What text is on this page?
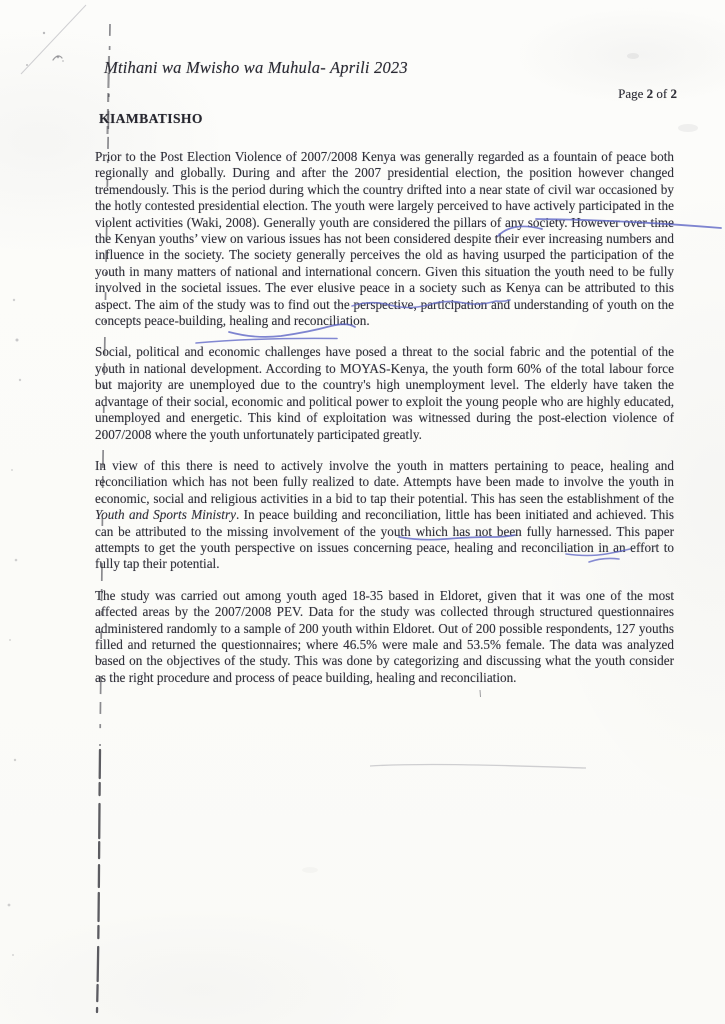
Mtihani wa Mwisho wa Muhula- Aprili 2023
Page 2 of 2
KIAMBATISHO

Prior to the Post Election Violence of 2007/2008 Kenya was generally regarded as a fountain of peace both regionally and globally. During and after the 2007 presidential election, the position however changed tremendously. This is the period during which the country drifted into a near state of civil war occasioned by the hotly contested presidential election. The youth were largely perceived to have actively participated in the violent activities (Waki, 2008). Generally youth are considered the pillars of any society. However over time the Kenyan youths’ view on various issues has not been considered despite their ever increasing numbers and influence in the society. The society generally perceives the old as having usurped the participation of the youth in many matters of national and international concern. Given this situation the youth need to be fully involved in the societal issues. The ever elusive peace in a society such as Kenya can be attributed to this aspect. The aim of the study was to find out the perspective, participation and understanding of youth on the concepts peace-building, healing and reconciliation.

Social, political and economic challenges have posed a threat to the social fabric and the potential of the youth in national development. According to MOYAS-Kenya, the youth form 60% of the total labour force but majority are unemployed due to the country's high unemployment level. The elderly have taken the advantage of their social, economic and political power to exploit the young people who are highly educated, unemployed and energetic. This kind of exploitation was witnessed during the post-election violence of 2007/2008 where the youth unfortunately participated greatly.

In view of this there is need to actively involve the youth in matters pertaining to peace, healing and reconciliation which has not been fully realized to date. Attempts have been made to involve the youth in economic, social and religious activities in a bid to tap their potential. This has seen the establishment of the Youth and Sports Ministry. In peace building and reconciliation, little has been initiated and achieved. This can be attributed to the missing involvement of the youth which has not been fully harnessed. This paper attempts to get the youth perspective on issues concerning peace, healing and reconciliation in an effort to fully tap their potential.

The study was carried out among youth aged 18-35 based in Eldoret, given that it was one of the most affected areas by the 2007/2008 PEV. Data for the study was collected through structured questionnaires administered randomly to a sample of 200 youth within Eldoret. Out of 200 possible respondents, 127 youths filled and returned the questionnaires; where 46.5% were male and 53.5% female. The data was analyzed based on the objectives of the study. This was done by categorizing and discussing what the youth consider as the right procedure and process of peace building, healing and reconciliation.
